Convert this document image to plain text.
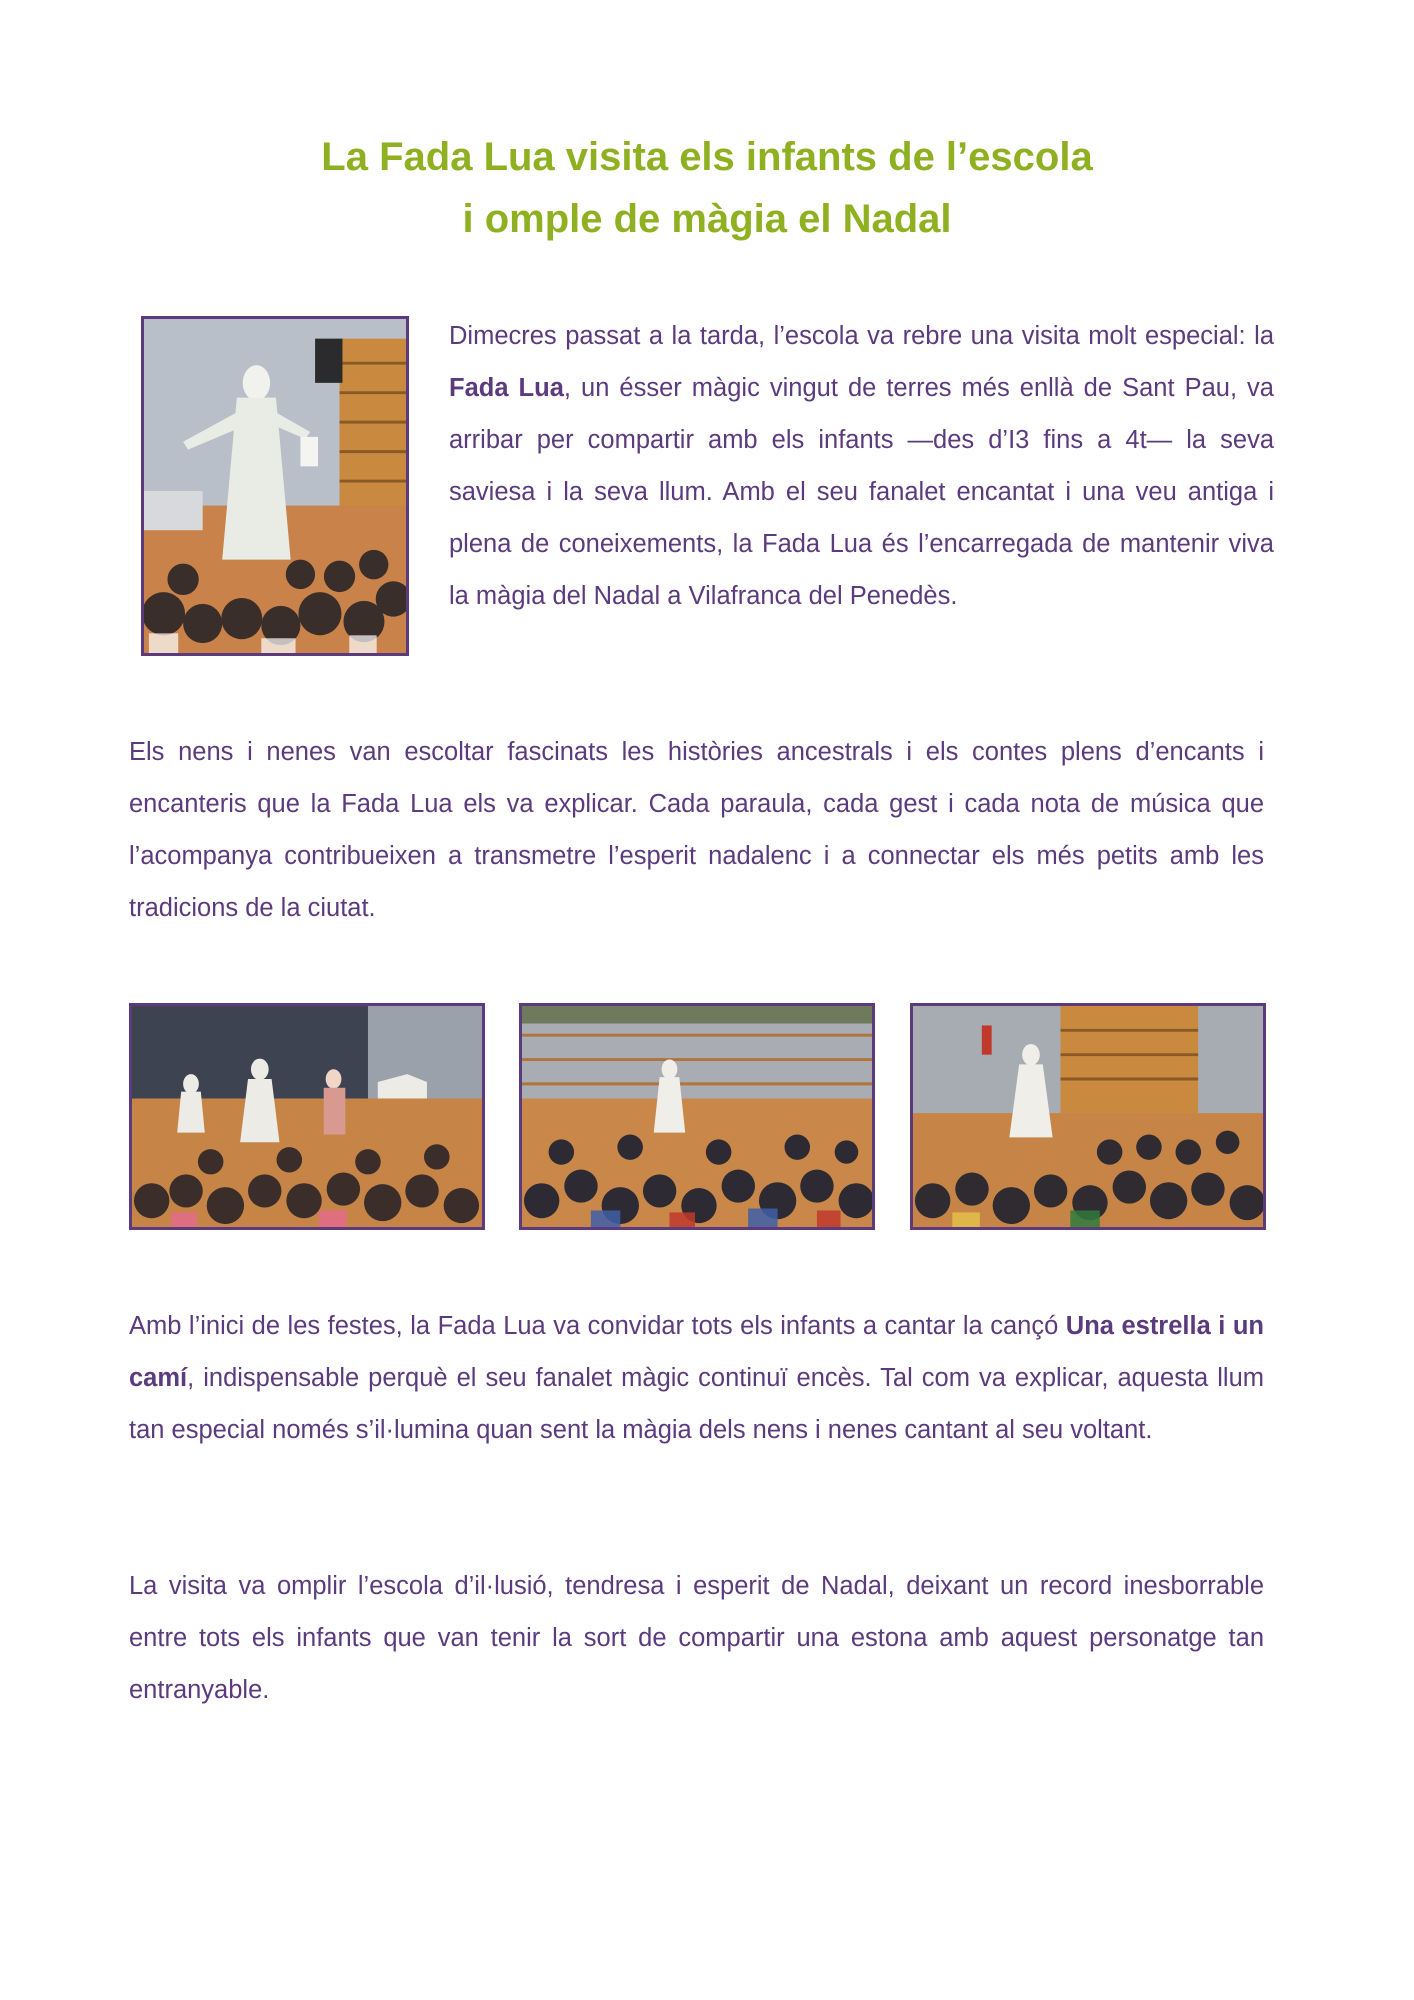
La Fada Lua visita els infants de l’escola
i omple de màgia el Nadal

Dimecres passat a la tarda, l’escola va rebre una visita molt especial: la Fada Lua, un ésser màgic vingut de terres més enllà de Sant Pau, va arribar per compartir amb els infants —des d’I3 fins a 4t— la seva saviesa i la seva llum. Amb el seu fanalet encantat i una veu antiga i plena de coneixements, la Fada Lua és l’encarregada de mantenir viva la màgia del Nadal a Vilafranca del Penedès.

Els nens i nenes van escoltar fascinats les històries ancestrals i els contes plens d’encants i encanteris que la Fada Lua els va explicar. Cada paraula, cada gest i cada nota de música que l’acompanya contribueixen a transmetre l’esperit nadalenc i a connectar els més petits amb les tradicions de la ciutat.

Amb l’inici de les festes, la Fada Lua va convidar tots els infants a cantar la cançó Una estrella i un camí, indispensable perquè el seu fanalet màgic continuï encès. Tal com va explicar, aquesta llum tan especial només s’il·lumina quan sent la màgia dels nens i nenes cantant al seu voltant.

La visita va omplir l’escola d’il·lusió, tendresa i esperit de Nadal, deixant un record inesborrable entre tots els infants que van tenir la sort de compartir una estona amb aquest personatge tan entranyable.
